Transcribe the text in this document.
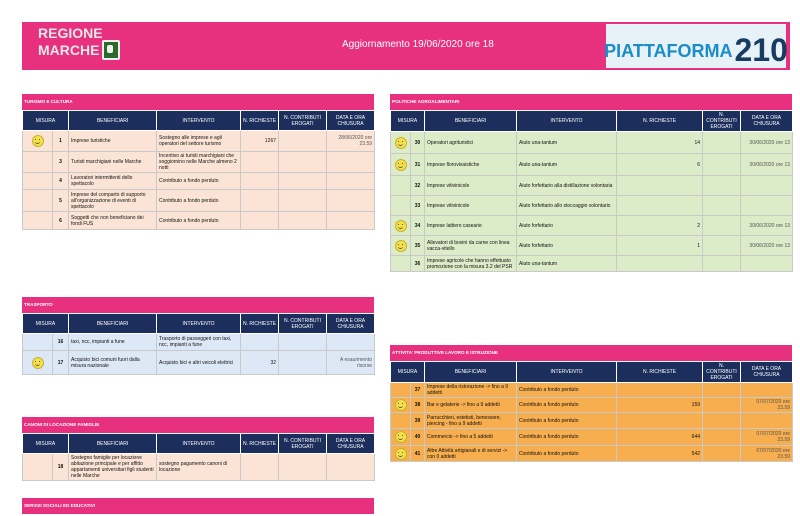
REGIONE
MARCHE	Aggiornamento 19/06/2020 ore 18	PIATTAFORMA 210
TURISMO E CULTURA
MISURA		BENEFICIARI	INTERVENTO	N. RICHIESTE	N. CONTRIBUTI EROGATI	DATA E ORA CHIUSURA
	1	Imprese turistiche	Sostegno alle imprese e agli operatori del settore turismo	1267		28/06/2020 ore 23.59
	3	Turisti marchigiani nelle Marche	Incentivo ai turisti marchigiani che soggiornino nelle Marche almeno 2 notti			
	4	Lavoratori intermittenti dello spettacolo	Contributo a fondo perduto			
	5	Imprese del comparto di supporto all'organizzazione di eventi di spettacolo	Contributo a fondo perduto			
	6	Soggetti che non beneficiano dei fondi FUS	Contributo a fondo perduto			
TRASPORTO
MISURA		BENEFICIARI	INTERVENTO	N. RICHIESTE	N. CONTRIBUTI EROGATI	DATA E ORA CHIUSURA
	16	taxi, ncc, impianti a fune	Trasporto di passeggeri con taxi, ncc, impianti a fune			
	17	Acquisto bici comuni fuori dalla misura nazionale	Acquisto bici e altri veicoli elettrici	32		A esaurimento risorse
CANONI DI LOCAZIONE FAMIGLIE
MISURA		BENEFICIARI	INTERVENTO	N. RICHIESTE	N. CONTRIBUTI EROGATI	DATA E ORA CHIUSURA
	18	Sostegno famiglie per locazione abitazione principale e per affitto appartamenti universitari figli studenti nelle Marche	sostegno pagamento canoni di locazione			
SERVIZI SOCIALI ED EDUCATIVI
POLITICHE AGROALIMENTARI
MISURA		BENEFICIARI	INTERVENTO	N. RICHIESTE	N. CONTRIBUTI EROGATI	DATA E ORA CHIUSURA
	30	Operatori agrituristici	Aiuto una-tantum	14		30/06/2020 ore 13
	31	Imprese florovivaistiche	Aiuto una-tantum	6		30/06/2020 ore 13
	32	Imprese vitivinicole	Aiuto forfettario alla distillazione volontaria			
	33	Imprese vitivinicole	Aiuto forfettario allo stoccaggio volontario			
	34	Imprese lattiero casearie	Aiuto forfettario	2		30/06/2020 ore 13
	35	Allevatori di bovini da carne con linea vacca-vitello	Aiuto forfettario	1		30/06/2020 ore 13
	36	Imprese agricole che hanno effettuato promozione con la misura 3.2 del PSR	Aiuto una-tantum			
ATTIVITA' PRODUTTIVE LAVORO E ISTRUZIONE
MISURA		BENEFICIARI	INTERVENTO	N. RICHIESTE	N. CONTRIBUTI EROGATI	DATA E ORA CHIUSURA
	37	Imprese della ristorazione -> fino a 9 addetti	Contributo a fondo perduto			
	38	Bar e gelaterie -> fino a 9 addetti	Contributo a fondo perduto	159		07/07/2020 ore 23.59
	39	Parrucchieri, estetisti, benessere, piercing - fino a 9 addetti	Contributo a fondo perduto			
	40	Commercio -> fino a 5 addetti	Contributo a fondo perduto	644		07/07/2020 ore 23.59
	41	Altre Attività artigianali e di servizi -> con 0 addetti	Contributo a fondo perduto	542		07/07/2020 ore 23.59
